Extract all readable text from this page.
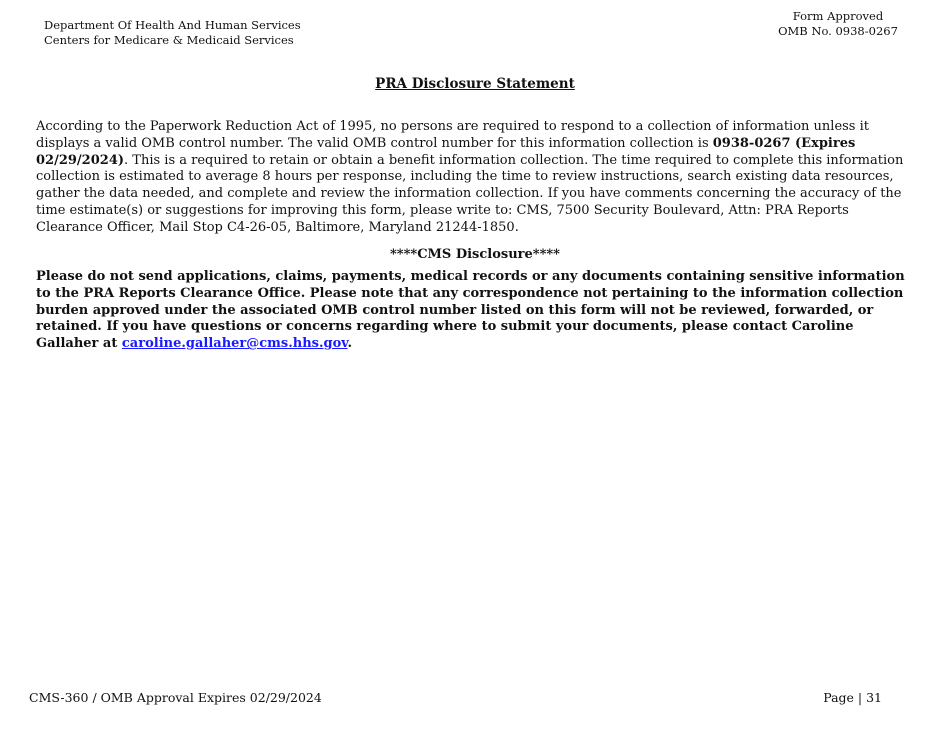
Department Of Health And Human Services
Centers for Medicare & Medicaid Services
Form Approved
OMB No. 0938-0267
PRA Disclosure Statement
According to the Paperwork Reduction Act of 1995, no persons are required to respond to a collection of information unless it displays a valid OMB control number. The valid OMB control number for this information collection is 0938-0267 (Expires 02/29/2024). This is a required to retain or obtain a benefit information collection. The time required to complete this information collection is estimated to average 8 hours per response, including the time to review instructions, search existing data resources, gather the data needed, and complete and review the information collection. If you have comments concerning the accuracy of the time estimate(s) or suggestions for improving this form, please write to: CMS, 7500 Security Boulevard, Attn: PRA Reports Clearance Officer, Mail Stop C4-26-05, Baltimore, Maryland 21244-1850.
****CMS Disclosure****
Please do not send applications, claims, payments, medical records or any documents containing sensitive information to the PRA Reports Clearance Office. Please note that any correspondence not pertaining to the information collection burden approved under the associated OMB control number listed on this form will not be reviewed, forwarded, or retained. If you have questions or concerns regarding where to submit your documents, please contact Caroline Gallaher at caroline.gallaher@cms.hhs.gov.
CMS-360 / OMB Approval Expires 02/29/2024	Page | 31
